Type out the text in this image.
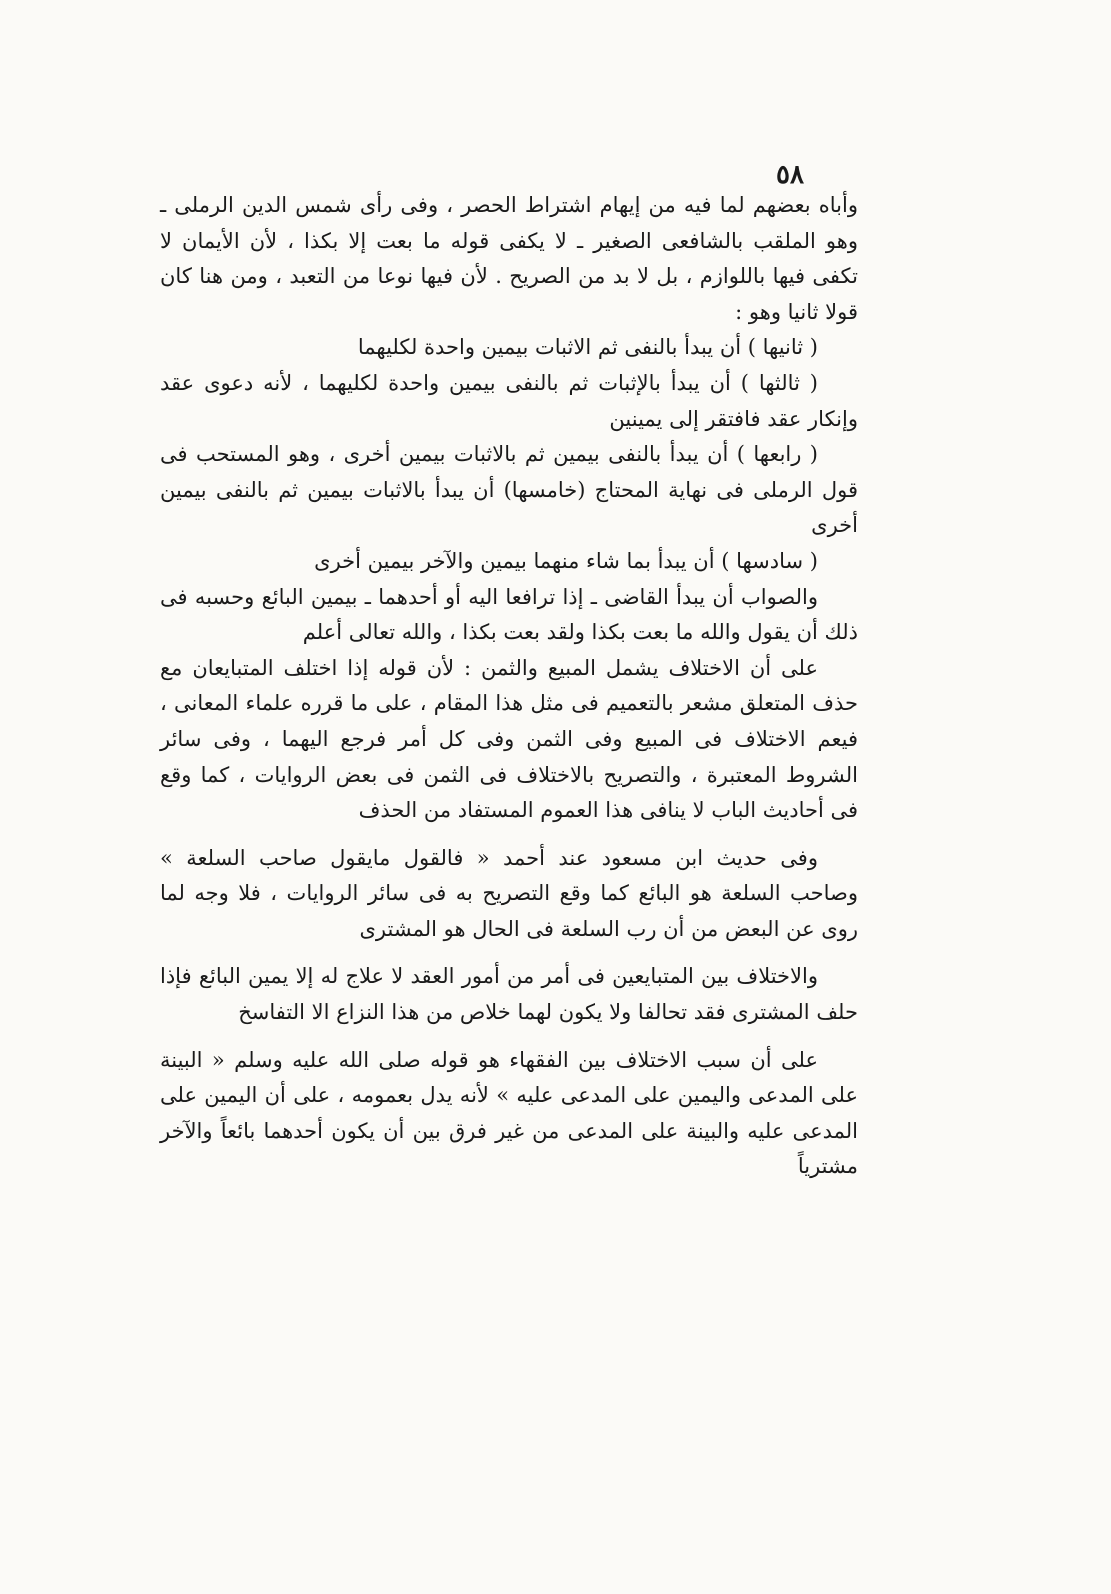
٥٨

وأباه بعضهم لما فيه من إيهام اشتراط الحصر ، وفى رأى شمس الدين الرملى ـ وهو الملقب بالشافعى الصغير ـ لا يكفى قوله ما بعت إلا بكذا ، لأن الأيمان لا تكفى فيها باللوازم ، بل لا بد من الصريح . لأن فيها نوعا من التعبد ، ومن هنا كان قولا ثانيا وهو :

( ثانيها ) أن يبدأ بالنفى ثم الاثبات بيمين واحدة لكليهما

( ثالثها ) أن يبدأ بالإثبات ثم بالنفى بيمين واحدة لكليهما ، لأنه دعوى عقد وإنكار عقد فافتقر إلى يمينين

( رابعها ) أن يبدأ بالنفى بيمين ثم بالاثبات بيمين أخرى ، وهو المستحب فى قول الرملى فى نهاية المحتاج (خامسها) أن يبدأ بالاثبات بيمين ثم بالنفى بيمين أخرى

( سادسها ) أن يبدأ بما شاء منهما بيمين والآخر بيمين أخرى

والصواب أن يبدأ القاضى ـ إذا ترافعا اليه أو أحدهما ـ بيمين البائع وحسبه فى ذلك أن يقول والله ما بعت بكذا ولقد بعت بكذا ، والله تعالى أعلم

على أن الاختلاف يشمل المبيع والثمن : لأن قوله إذا اختلف المتبايعان مع حذف المتعلق مشعر بالتعميم فى مثل هذا المقام ، على ما قرره علماء المعانى ، فيعم الاختلاف فى المبيع وفى الثمن وفى كل أمر فرجع اليهما ، وفى سائر الشروط المعتبرة ، والتصريح بالاختلاف فى الثمن فى بعض الروايات ، كما وقع فى أحاديث الباب لا ينافى هذا العموم المستفاد من الحذف

وفى حديث ابن مسعود عند أحمد « فالقول مايقول صاحب السلعة » وصاحب السلعة هو البائع كما وقع التصريح به فى سائر الروايات ، فلا وجه لما روى عن البعض من أن رب السلعة فى الحال هو المشترى

والاختلاف بين المتبايعين فى أمر من أمور العقد لا علاج له إلا يمين البائع فإذا حلف المشترى فقد تحالفا ولا يكون لهما خلاص من هذا النزاع الا التفاسخ

على أن سبب الاختلاف بين الفقهاء هو قوله صلى الله عليه وسلم « البينة على المدعى واليمين على المدعى عليه » لأنه يدل بعمومه ، على أن اليمين على المدعى عليه والبينة على المدعى من غير فرق بين أن يكون أحدهما بائعاً والآخر مشترياً
